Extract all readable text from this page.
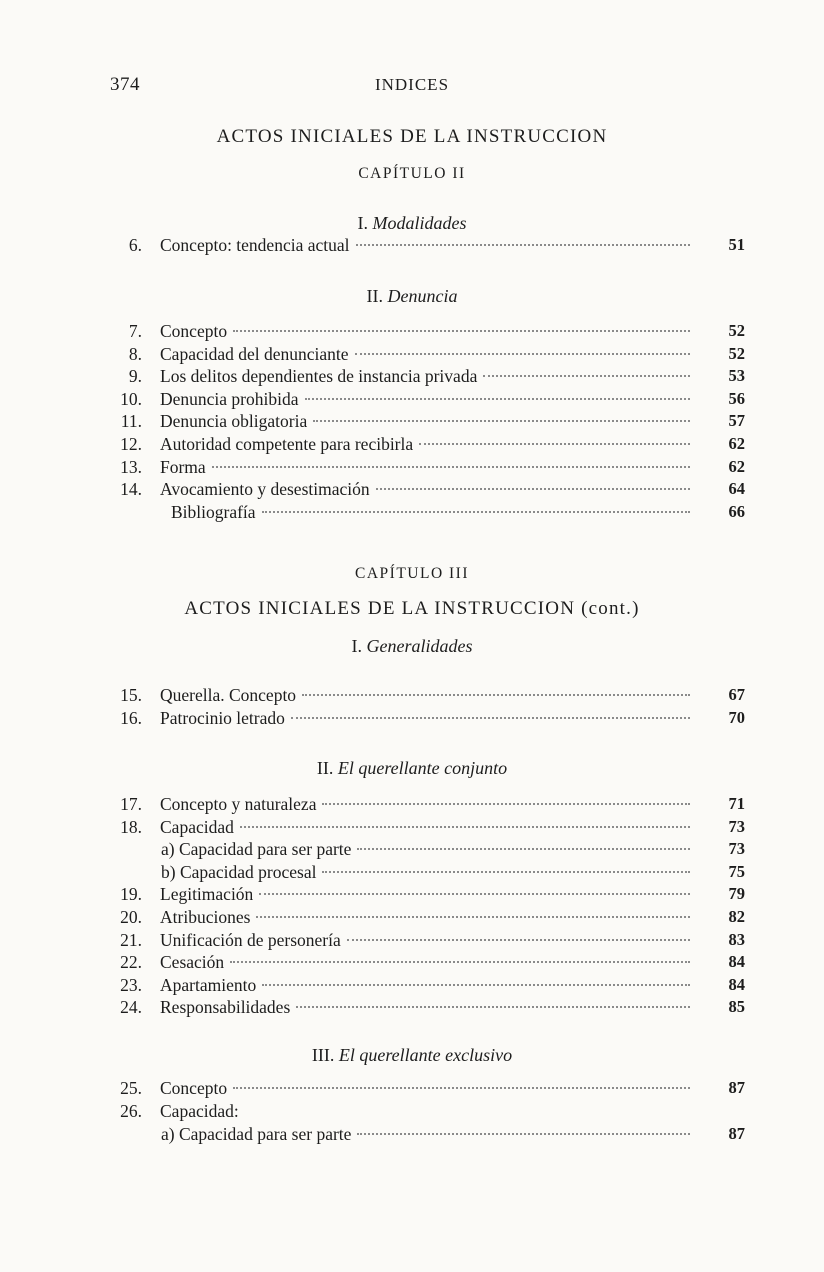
374	INDICES
ACTOS INICIALES DE LA INSTRUCCION
CAPÍTULO II
I. Modalidades
II. Denuncia
CAPÍTULO III
ACTOS INICIALES DE LA INSTRUCCION (cont.)
I. Generalidades
II. El querellante conjunto
III. El querellante exclusivo
6. Concepto: tendencia actual	51
7. Concepto	52
8. Capacidad del denunciante	52
9. Los delitos dependientes de instancia privada	53
10. Denuncia prohibida	56
11. Denuncia obligatoria	57
12. Autoridad competente para recibirla	62
13. Forma	62
14. Avocamiento y desestimación	64
Bibliografía	66
15. Querella. Concepto	67
16. Patrocinio letrado	70
17. Concepto y naturaleza	71
18. Capacidad	73
a) Capacidad para ser parte	73
b) Capacidad procesal	75
19. Legitimación	79
20. Atribuciones	82
21. Unificación de personería	83
22. Cesación	84
23. Apartamiento	84
24. Responsabilidades	85
25. Concepto	87
26. Capacidad:
a) Capacidad para ser parte	87
